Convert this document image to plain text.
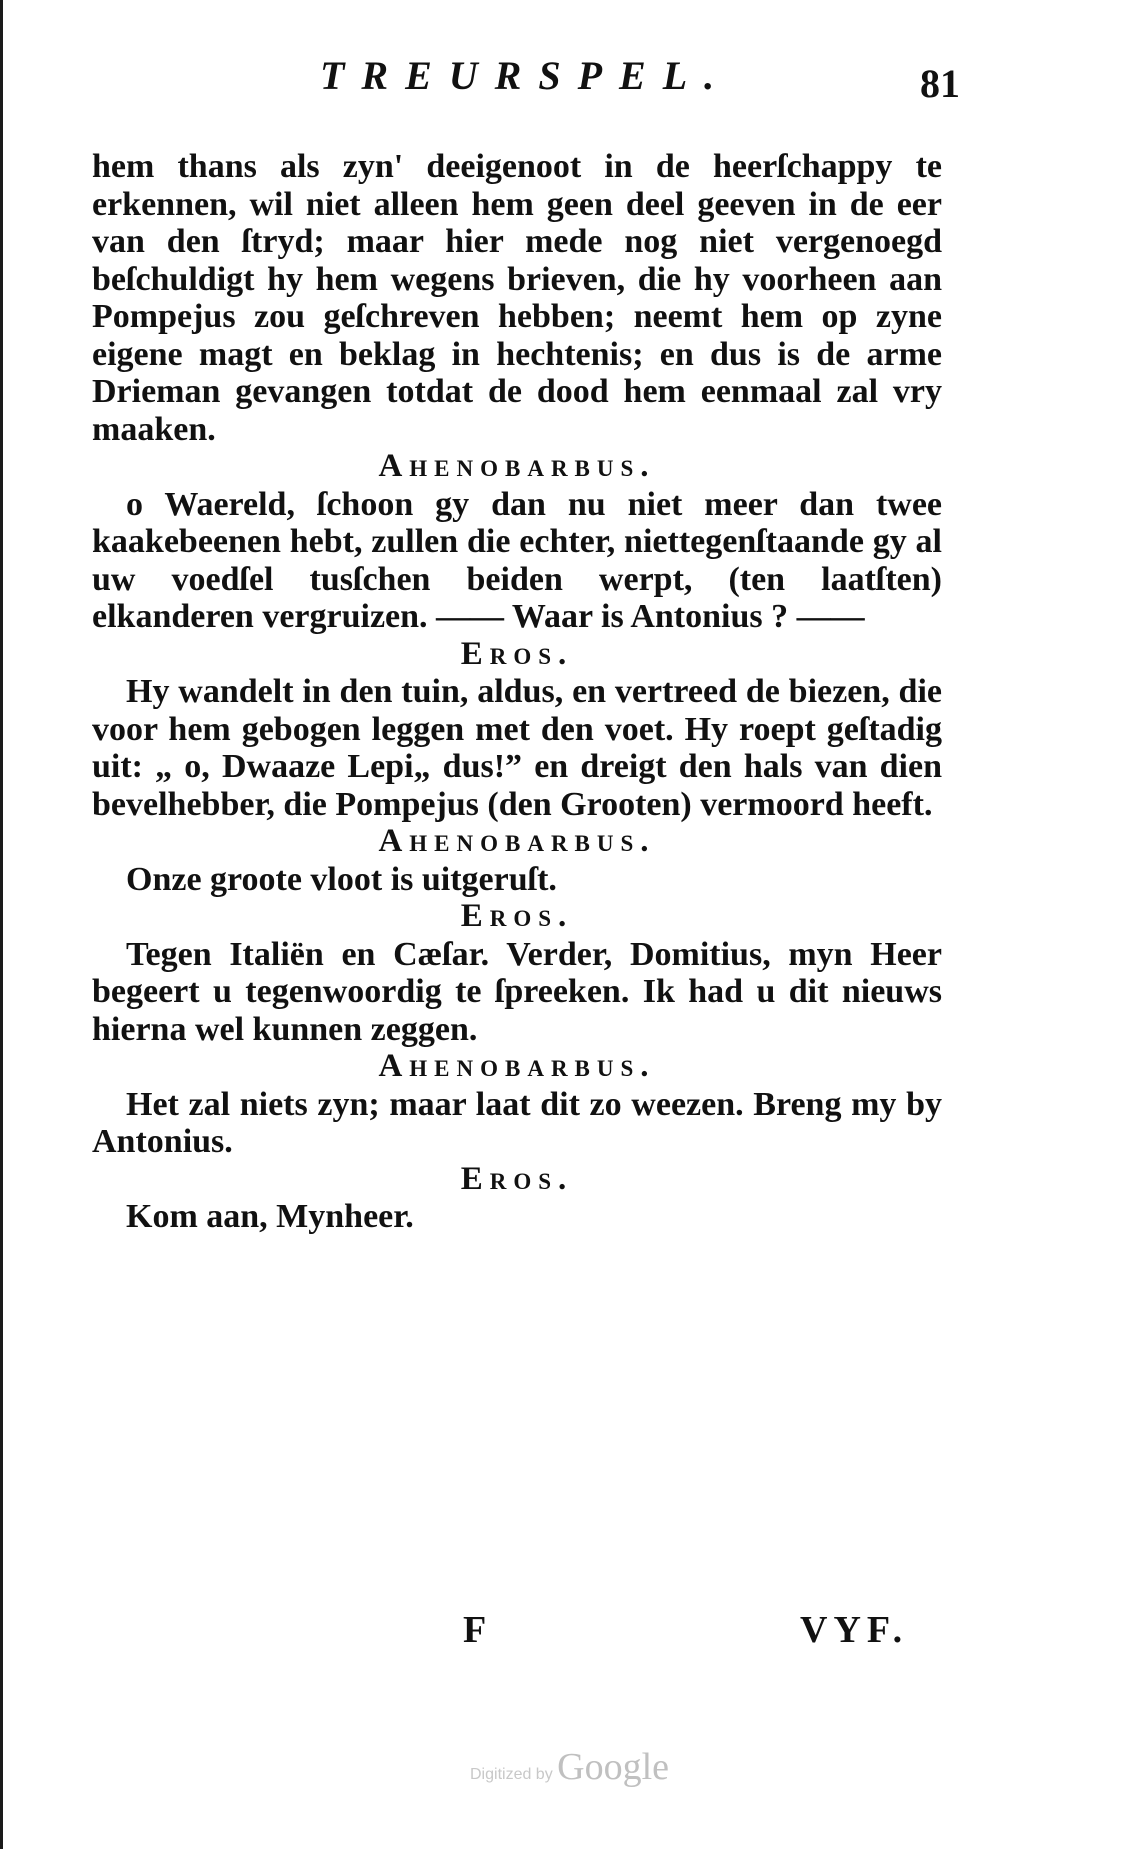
TREURSPEL.	81

hem thans als zyn' deeigenoot in de heerſchappy te erkennen, wil niet alleen hem geen deel geeven in de eer van den ſtryd; maar hier mede nog niet vergenoegd beſchuldigt hy hem wegens brieven, die hy voorheen aan Pompejus zou geſchreven hebben; neemt hem op zyne eigene magt en beklag in hechtenis; en dus is de arme Drieman gevangen totdat de dood hem eenmaal zal vry maaken.

Ahenobarbus.

o Waereld, ſchoon gy dan nu niet meer dan twee kaakebeenen hebt, zullen die echter, niettegenſtaande gy al uw voedſel tusſchen beiden werpt, (ten laatſten) elkanderen vergruizen. —— Waar is Antonius ? ——

Eros.

Hy wandelt in den tuin, aldus, en vertreed de biezen, die voor hem gebogen leggen met den voet. Hy roept geſtadig uit: „ o, Dwaaze Lepi„ dus!” en dreigt den hals van dien bevelhebber, die Pompejus (den Grooten) vermoord heeft.

Ahenobarbus.

Onze groote vloot is uitgeruſt.

Eros.

Tegen Italiën en Cæſar. Verder, Domitius, myn Heer begeert u tegenwoordig te ſpreeken. Ik had u dit nieuws hierna wel kunnen zeggen.

Ahenobarbus.

Het zal niets zyn; maar laat dit zo weezen. Breng my by Antonius.

Eros.

Kom aan, Mynheer.

F	VYF.
Digitized by Google
